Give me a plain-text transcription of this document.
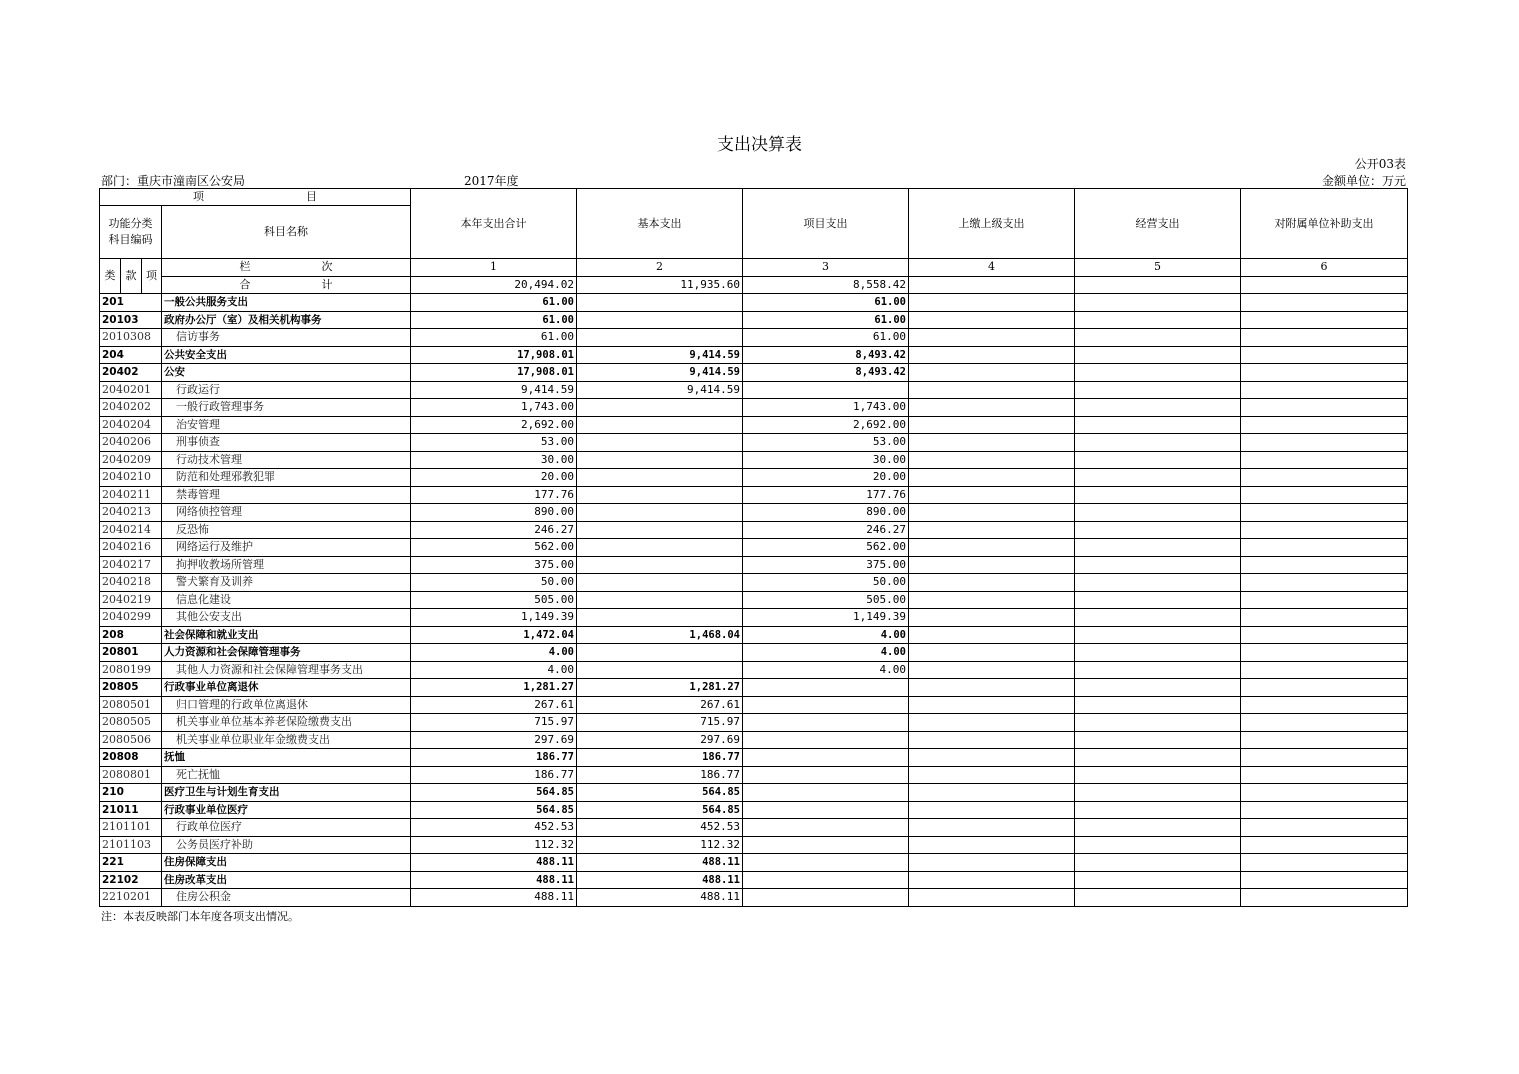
支出决算表
公开03表
部门：重庆市潼南区公安局	2017年度	金额单位：万元
项 目				本年支出合计	基本支出	项目支出	上缴上级支出	经营支出	对附属单位补助支出

功能分类
科目编码			科目名称						
类	款	项	栏 次	1	2	3	4	5	6

			合 计	20,494.02	11,935.60	8,558.42			
201			一般公共服务支出	61.00		61.00			
20103			政府办公厅（室）及相关机构事务	61.00		61.00			
2010308			信访事务	61.00		61.00			
204			公共安全支出	17,908.01	9,414.59	8,493.42			
20402			公安	17,908.01	9,414.59	8,493.42			
2040201			行政运行	9,414.59	9,414.59				
2040202			一般行政管理事务	1,743.00		1,743.00			
2040204			治安管理	2,692.00		2,692.00			
2040206			刑事侦查	53.00		53.00			
2040209			行动技术管理	30.00		30.00			
2040210			防范和处理邪教犯罪	20.00		20.00			
2040211			禁毒管理	177.76		177.76			
2040213			网络侦控管理	890.00		890.00			
2040214			反恐怖	246.27		246.27			
2040216			网络运行及维护	562.00		562.00			
2040217			拘押收教场所管理	375.00		375.00			
2040218			警犬繁育及训养	50.00		50.00			
2040219			信息化建设	505.00		505.00			
2040299			其他公安支出	1,149.39		1,149.39			
208			社会保障和就业支出	1,472.04	1,468.04	4.00			
20801			人力资源和社会保障管理事务	4.00		4.00			
2080199			其他人力资源和社会保障管理事务支出	4.00		4.00			
20805			行政事业单位离退休	1,281.27	1,281.27				
2080501			归口管理的行政单位离退休	267.61	267.61				
2080505			机关事业单位基本养老保险缴费支出	715.97	715.97				
2080506			机关事业单位职业年金缴费支出	297.69	297.69				
20808			抚恤	186.77	186.77				
2080801			死亡抚恤	186.77	186.77				
210			医疗卫生与计划生育支出	564.85	564.85				
21011			行政事业单位医疗	564.85	564.85				
2101101			行政单位医疗	452.53	452.53				
2101103			公务员医疗补助	112.32	112.32				
221			住房保障支出	488.11	488.11				
22102			住房改革支出	488.11	488.11				
2210201			住房公积金	488.11	488.11				
注：本表反映部门本年度各项支出情况。
